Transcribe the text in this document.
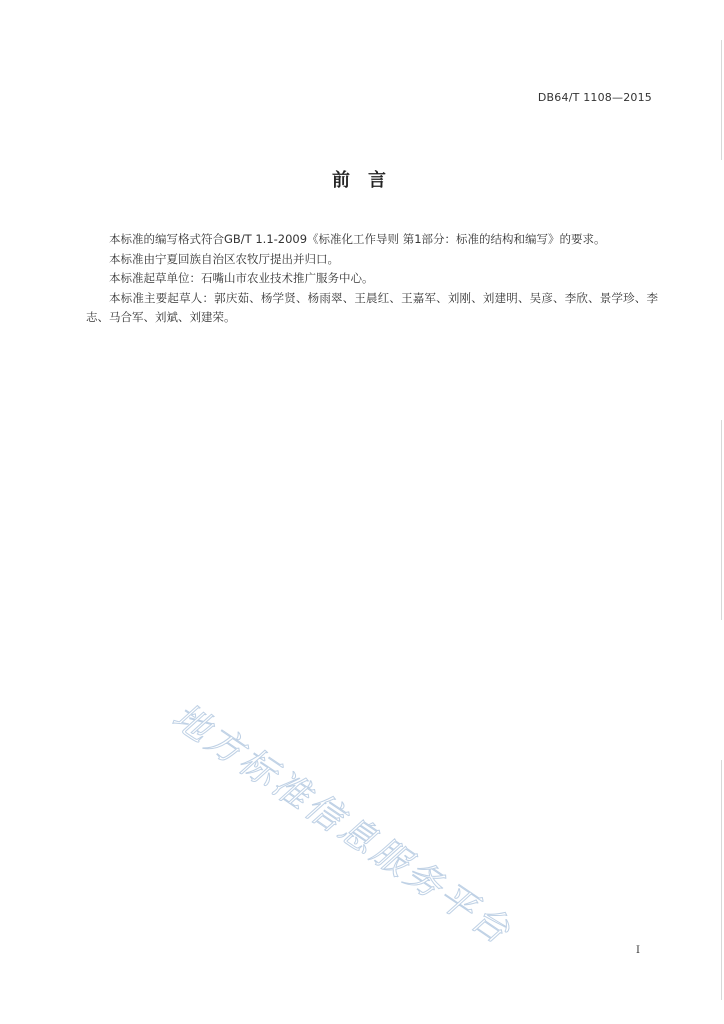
DB64/T 1108—2015
前言

本标准的编写格式符合GB/T 1.1-2009《标准化工作导则 第1部分：标准的结构和编写》的要求。

本标准由宁夏回族自治区农牧厅提出并归口。

本标准起草单位：石嘴山市农业技术推广服务中心。

本标准主要起草人：郭庆茹、杨学贤、杨雨翠、王晨红、王嘉军、刘刚、刘建明、吴彦、李欣、景学珍、李志、马合军、刘斌、刘建荣。

地方标准信息服务平台	I
